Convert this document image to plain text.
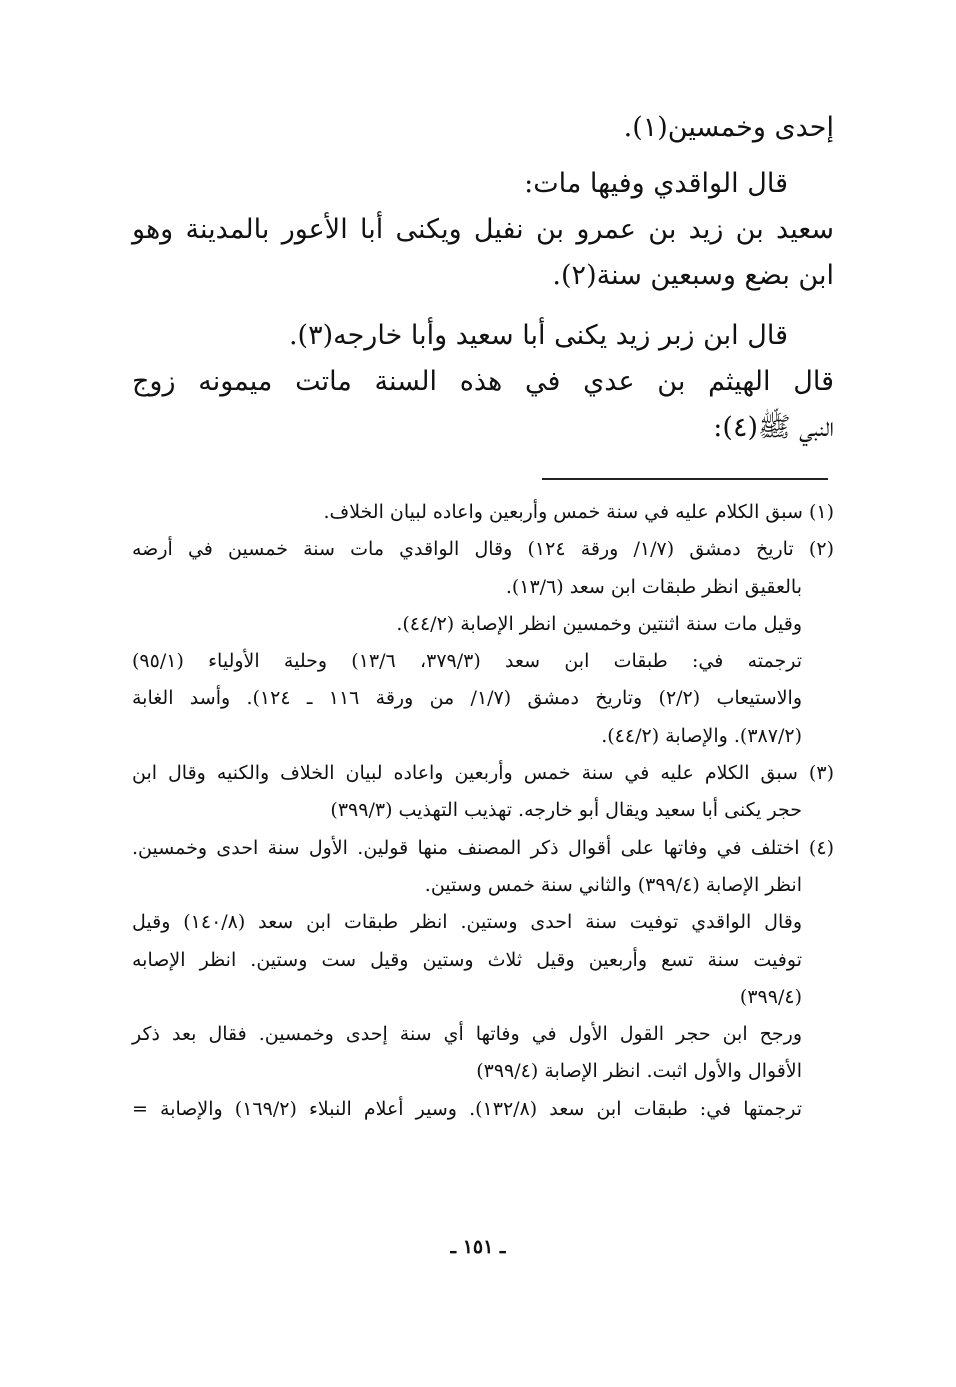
إحدى وخمسين(١).
قال الواقدي وفيها مات:
سعيد بن زيد بن عمرو بن نفيل ويكنى أبا الأعور بالمدينة وهو
ابن بضع وسبعين سنة(٢).
قال ابن زبر زيد يكنى أبا سعيد وأبا خارجه(٣).
قال الهيثم بن عدي في هذه السنة ماتت ميمونه زوج
النبي ﷺ(٤):
(١) سبق الكلام عليه في سنة خمس وأربعين واعاده لبيان الخلاف.
(٢) تاريخ دمشق (١/٧/ ورقة ١٢٤) وقال الواقدي مات سنة خمسين في أرضه
بالعقيق انظر طبقات ابن سعد (١٣/٦).
وقيل مات سنة اثنتين وخمسين انظر الإصابة (٤٤/٢).
ترجمته في: طبقات ابن سعد (٣٧٩/٣، ١٣/٦) وحلية الأولياء (٩٥/١)
والاستيعاب (٢/٢) وتاريخ دمشق (١/٧/ من ورقة ١١٦ ـ ١٢٤). وأسد الغابة
(٣٨٧/٢). والإصابة (٤٤/٢).
(٣) سبق الكلام عليه في سنة خمس وأربعين واعاده لبيان الخلاف والكنيه وقال ابن
حجر يكنى أبا سعيد ويقال أبو خارجه. تهذيب التهذيب (٣٩٩/٣)
(٤) اختلف في وفاتها على أقوال ذكر المصنف منها قولين. الأول سنة احدى وخمسين.
انظر الإصابة (٣٩٩/٤) والثاني سنة خمس وستين.
وقال الواقدي توفيت سنة احدى وستين. انظر طبقات ابن سعد (١٤٠/٨) وقيل
توفيت سنة تسع وأربعين وقيل ثلاث وستين وقيل ست وستين. انظر الإصابه
(٣٩٩/٤)
ورجح ابن حجر القول الأول في وفاتها أي سنة إحدى وخمسين. فقال بعد ذكر
الأقوال والأول اثبت. انظر الإصابة (٣٩٩/٤)
ترجمتها في: طبقات ابن سعد (١٣٢/٨). وسير أعلام النبلاء (١٦٩/٢) والإصابة =
ـ ١٥١ ـ
